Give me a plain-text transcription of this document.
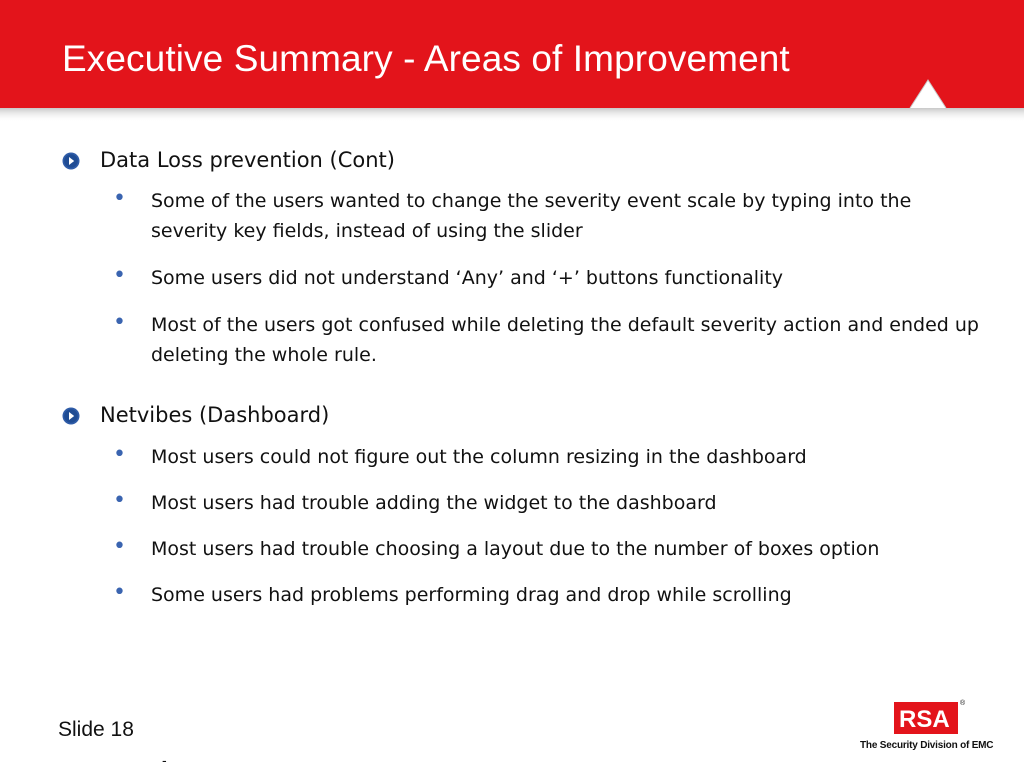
Executive Summary - Areas of Improvement
Data Loss prevention (Cont)
• Some of the users wanted to change the severity event scale by typing into the severity key fields, instead of using the slider
• Some users did not understand ‘Any’ and ‘+’ buttons functionality
• Most of the users got confused while deleting the default severity action and ended up deleting the whole rule.
Netvibes (Dashboard)
• Most users could not figure out the column resizing in the dashboard
• Most users had trouble adding the widget to the dashboard
• Most users had trouble choosing a layout due to the number of boxes option
• Some users had problems performing drag and drop while scrolling
Slide 18
-
RSA
®
The Security Division of EMC
